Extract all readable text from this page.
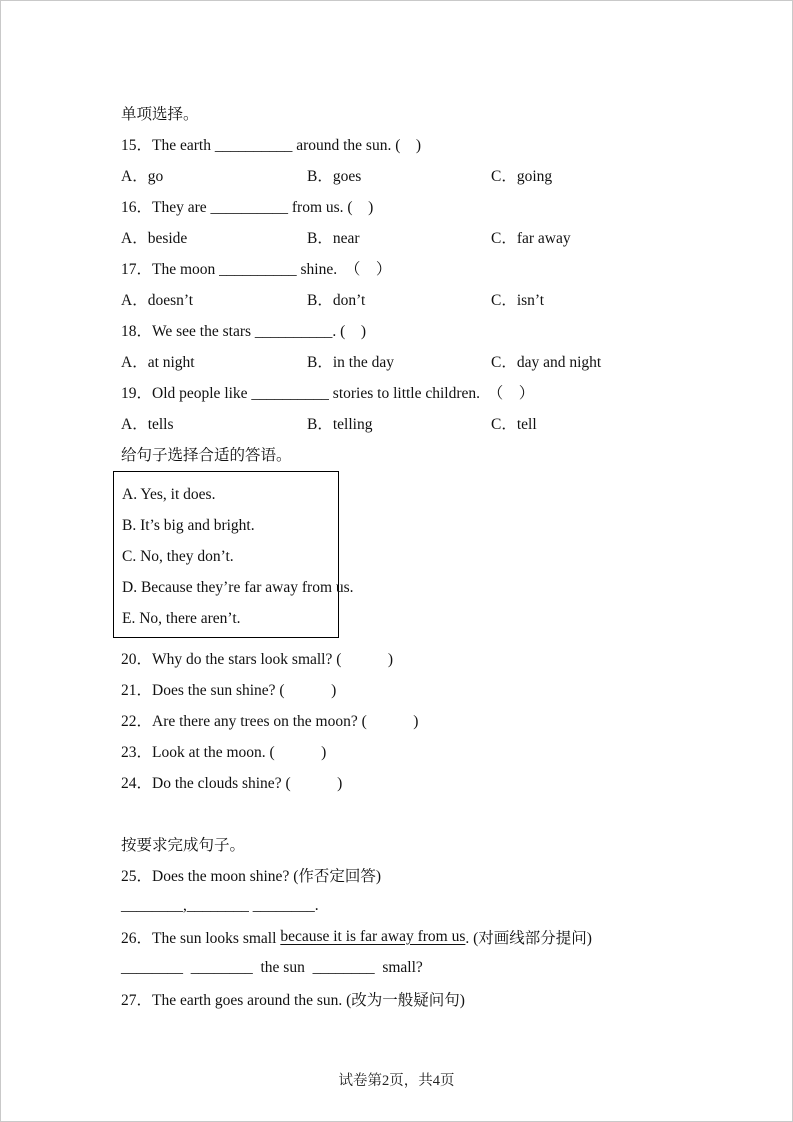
单项选择。
15．The earth __________ around the sun. (　)
A．go	B．goes	C．going
16．They are __________ from us. (　)
A．beside	B．near	C．far away
17．The moon __________ shine.　（　）
A．doesn’t	B．don’t	C．isn’t
18．We see the stars __________. (　)
A．at night	B．in the day	C．day and night
19．Old people like __________ stories to little children.　（　）
A．tells	B．telling	C．tell
给句子选择合适的答语。
A. Yes, it does.
B. It’s big and bright.
C. No, they don’t.
D. Because they’re far away from us.
E. No, there aren’t.
20．Why do the stars look small? (　　　)
21．Does the sun shine? (　　　)
22．Are there any trees on the moon? (　　　)
23．Look at the moon. (　　　)
24．Do the clouds shine? (　　　)
按要求完成句子。
25．Does the moon shine? (作否定回答)
________,________ ________.
26．The sun looks small because it is far away from us . (对画线部分提问)
________  ________  the sun  ________  small?
27．The earth goes around the sun. (改为一般疑问句)
试卷第2页，共4页
